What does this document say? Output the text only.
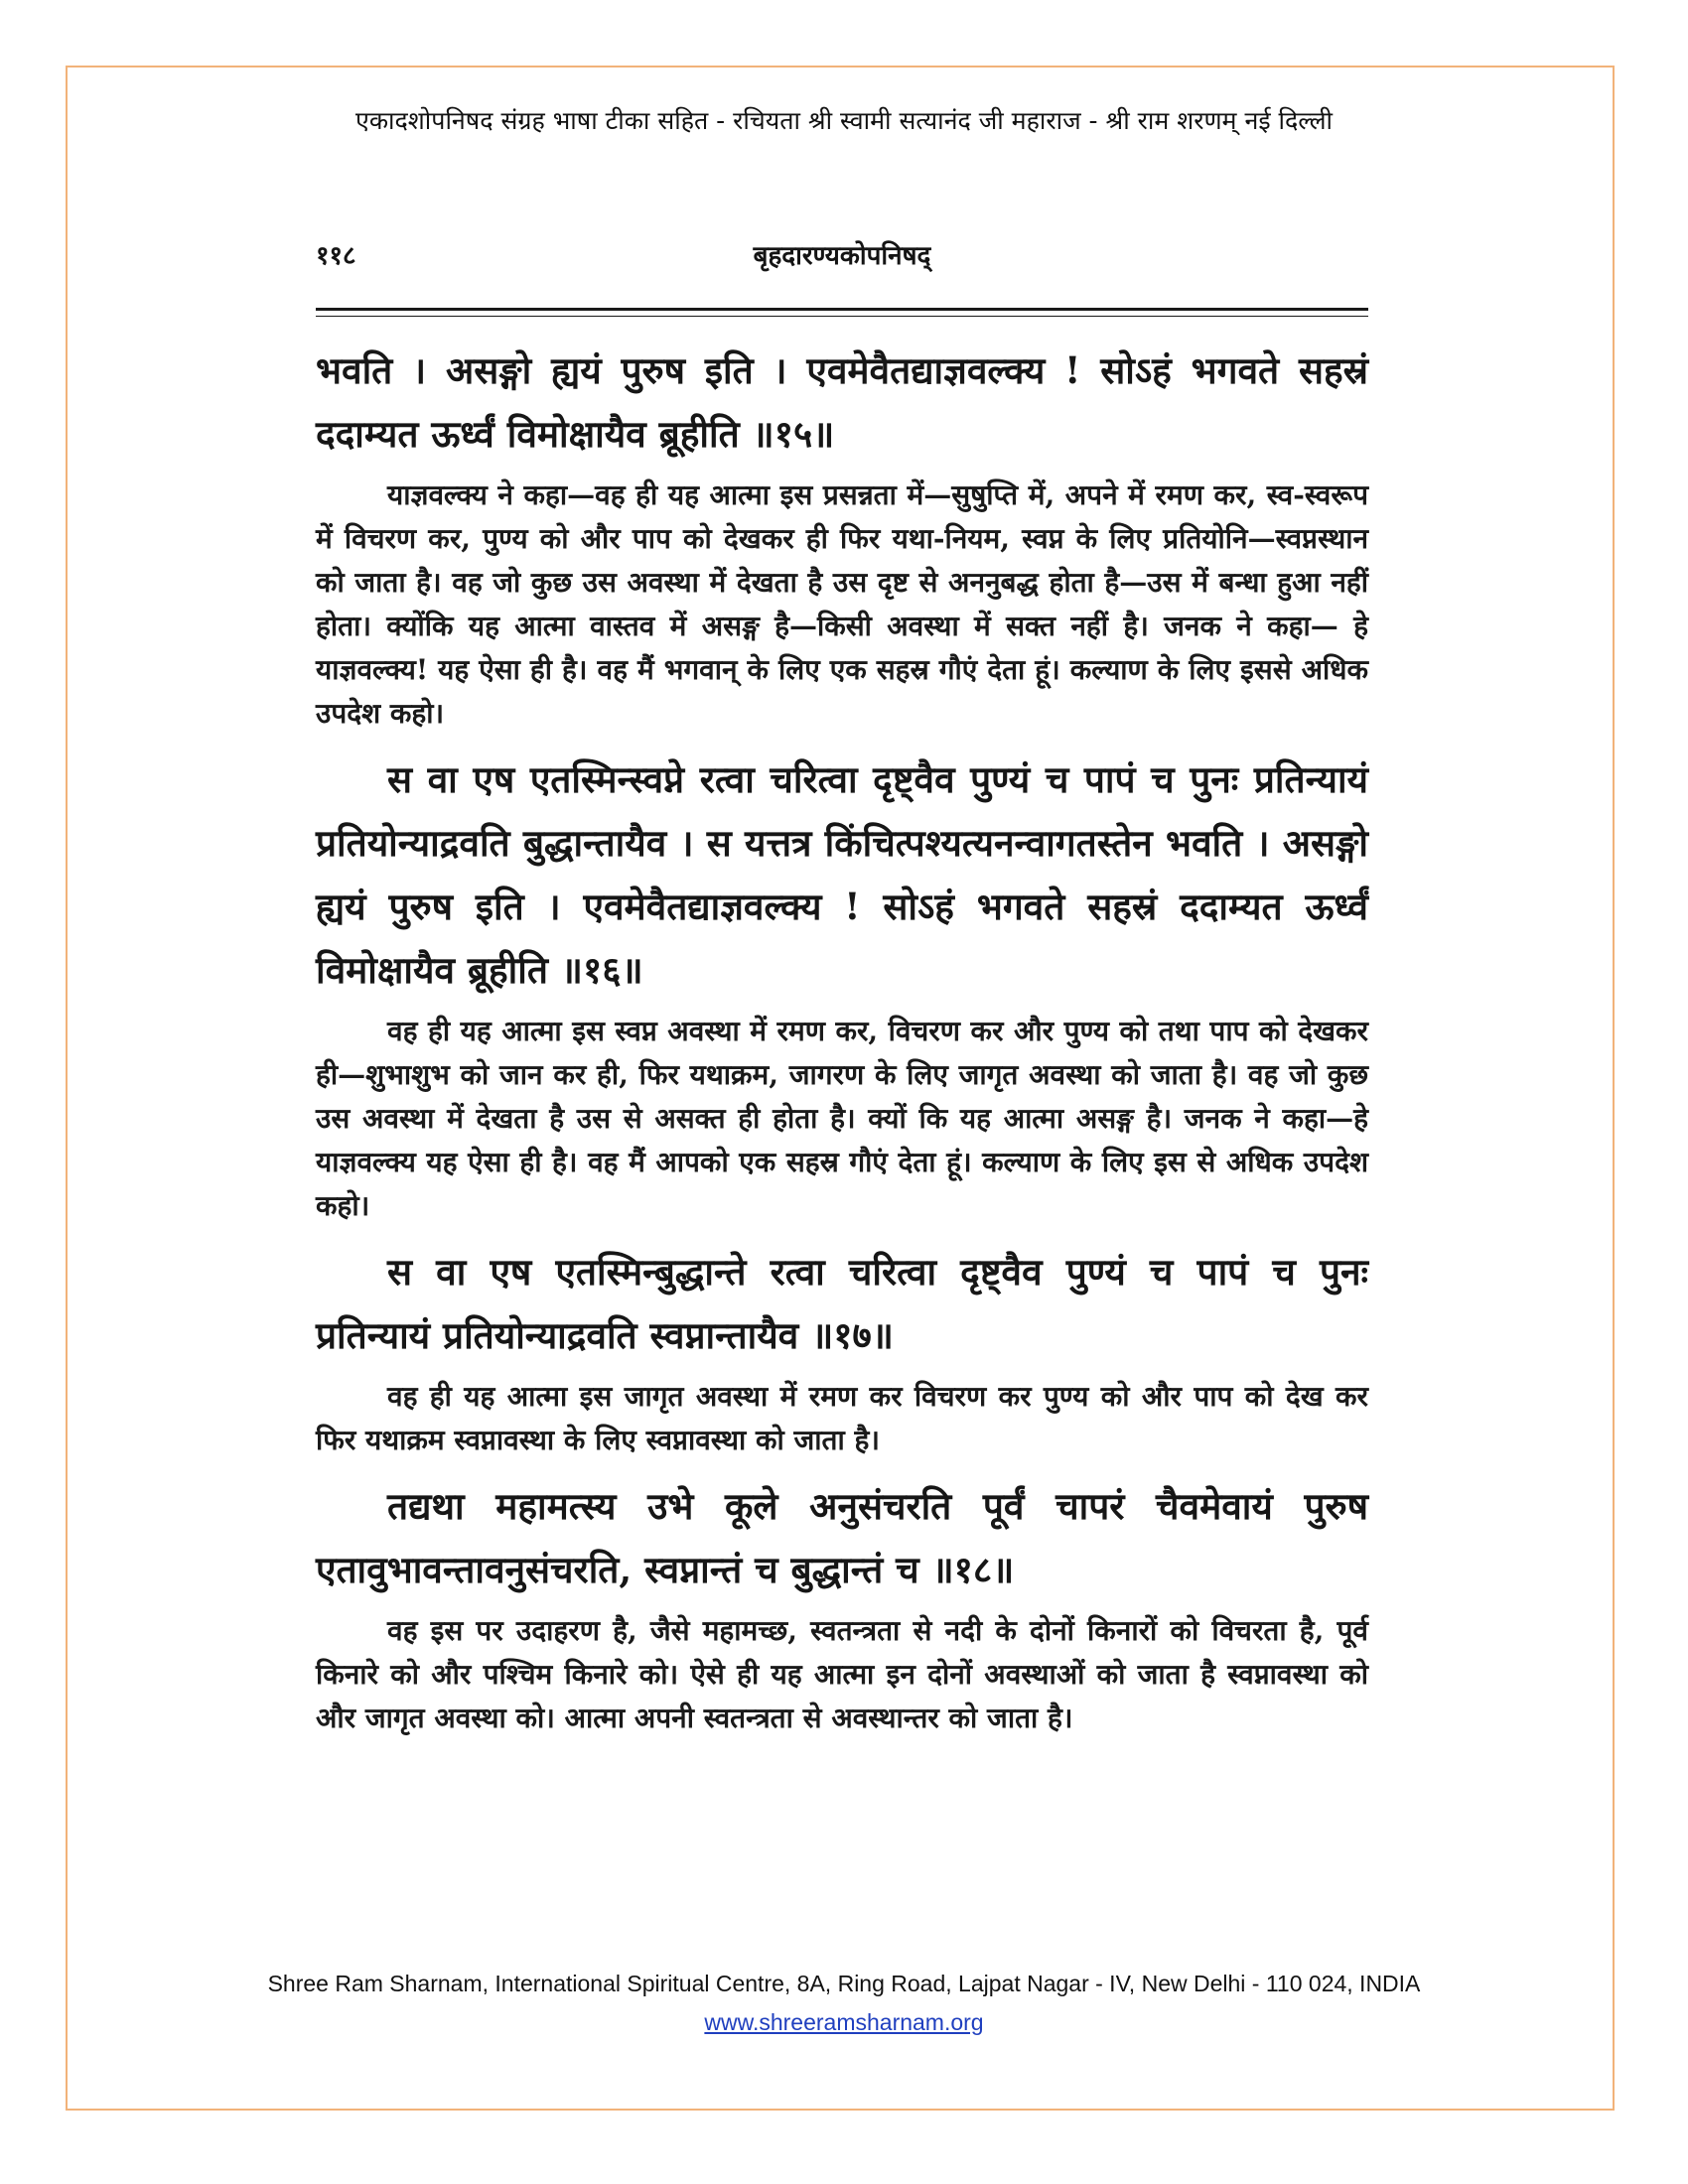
एकादशोपनिषद संग्रह भाषा टीका सहित - रचियता श्री स्वामी सत्यानंद जी महाराज - श्री राम शरणम् नई दिल्ली
११८	बृहदारण्यकोपनिषद्

भवति । असङ्गो ह्ययं पुरुष इति । एवमेवैतद्याज्ञवल्क्य ! सोऽहं भगवते सहस्रं ददाम्यत ऊर्ध्वं विमोक्षायैव ब्रूहीति ॥१५॥

याज्ञवल्क्य ने कहा—वह ही यह आत्मा इस प्रसन्नता में—सुषुप्ति में, अपने में रमण कर, स्व-स्वरूप में विचरण कर, पुण्य को और पाप को देखकर ही फिर यथा-नियम, स्वप्न के लिए प्रतियोनि—स्वप्नस्थान को जाता है। वह जो कुछ उस अवस्था में देखता है उस दृष्ट से अननुबद्ध होता है—उस में बन्धा हुआ नहीं होता। क्योंकि यह आत्मा वास्तव में असङ्ग है—किसी अवस्था में सक्त नहीं है। जनक ने कहा— हे याज्ञवल्क्य! यह ऐसा ही है। वह मैं भगवान् के लिए एक सहस्र गौएं देता हूं। कल्याण के लिए इससे अधिक उपदेश कहो।

स वा एष एतस्मिन्स्वप्ने रत्वा चरित्वा दृष्ट्वैव पुण्यं च पापं च पुनः प्रतिन्यायं प्रतियोन्याद्रवति बुद्धान्तायैव । स यत्तत्र किंचित्पश्यत्यनन्वागतस्तेन भवति । असङ्गो ह्ययं पुरुष इति । एवमेवैतद्याज्ञवल्क्य ! सोऽहं भगवते सहस्रं ददाम्यत ऊर्ध्वं विमोक्षायैव ब्रूहीति ॥१६॥

वह ही यह आत्मा इस स्वप्न अवस्था में रमण कर, विचरण कर और पुण्य को तथा पाप को देखकर ही—शुभाशुभ को जान कर ही, फिर यथाक्रम, जागरण के लिए जागृत अवस्था को जाता है। वह जो कुछ उस अवस्था में देखता है उस से असक्त ही होता है। क्यों कि यह आत्मा असङ्ग है। जनक ने कहा—हे याज्ञवल्क्य यह ऐसा ही है। वह मैं आपको एक सहस्र गौएं देता हूं। कल्याण के लिए इस से अधिक उपदेश कहो।

स वा एष एतस्मिन्बुद्धान्ते रत्वा चरित्वा दृष्ट्वैव पुण्यं च पापं च पुनः प्रतिन्यायं प्रतियोन्याद्रवति स्वप्नान्तायैव ॥१७॥

वह ही यह आत्मा इस जागृत अवस्था में रमण कर विचरण कर पुण्य को और पाप को देख कर फिर यथाक्रम स्वप्नावस्था के लिए स्वप्नावस्था को जाता है।

तद्यथा महामत्स्य उभे कूले अनुसंचरति पूर्वं चापरं चैवमेवायं पुरुष एतावुभावन्तावनुसंचरति, स्वप्नान्तं च बुद्धान्तं च ॥१८॥

वह इस पर उदाहरण है, जैसे महामच्छ, स्वतन्त्रता से नदी के दोनों किनारों को विचरता है, पूर्व किनारे को और पश्चिम किनारे को। ऐसे ही यह आत्मा इन दोनों अवस्थाओं को जाता है स्वप्नावस्था को और जागृत अवस्था को। आत्मा अपनी स्वतन्त्रता से अवस्थान्तर को जाता है।

Shree Ram Sharnam, International Spiritual Centre, 8A, Ring Road, Lajpat Nagar - IV, New Delhi - 110 024, INDIA
www.shreeramsharnam.org
